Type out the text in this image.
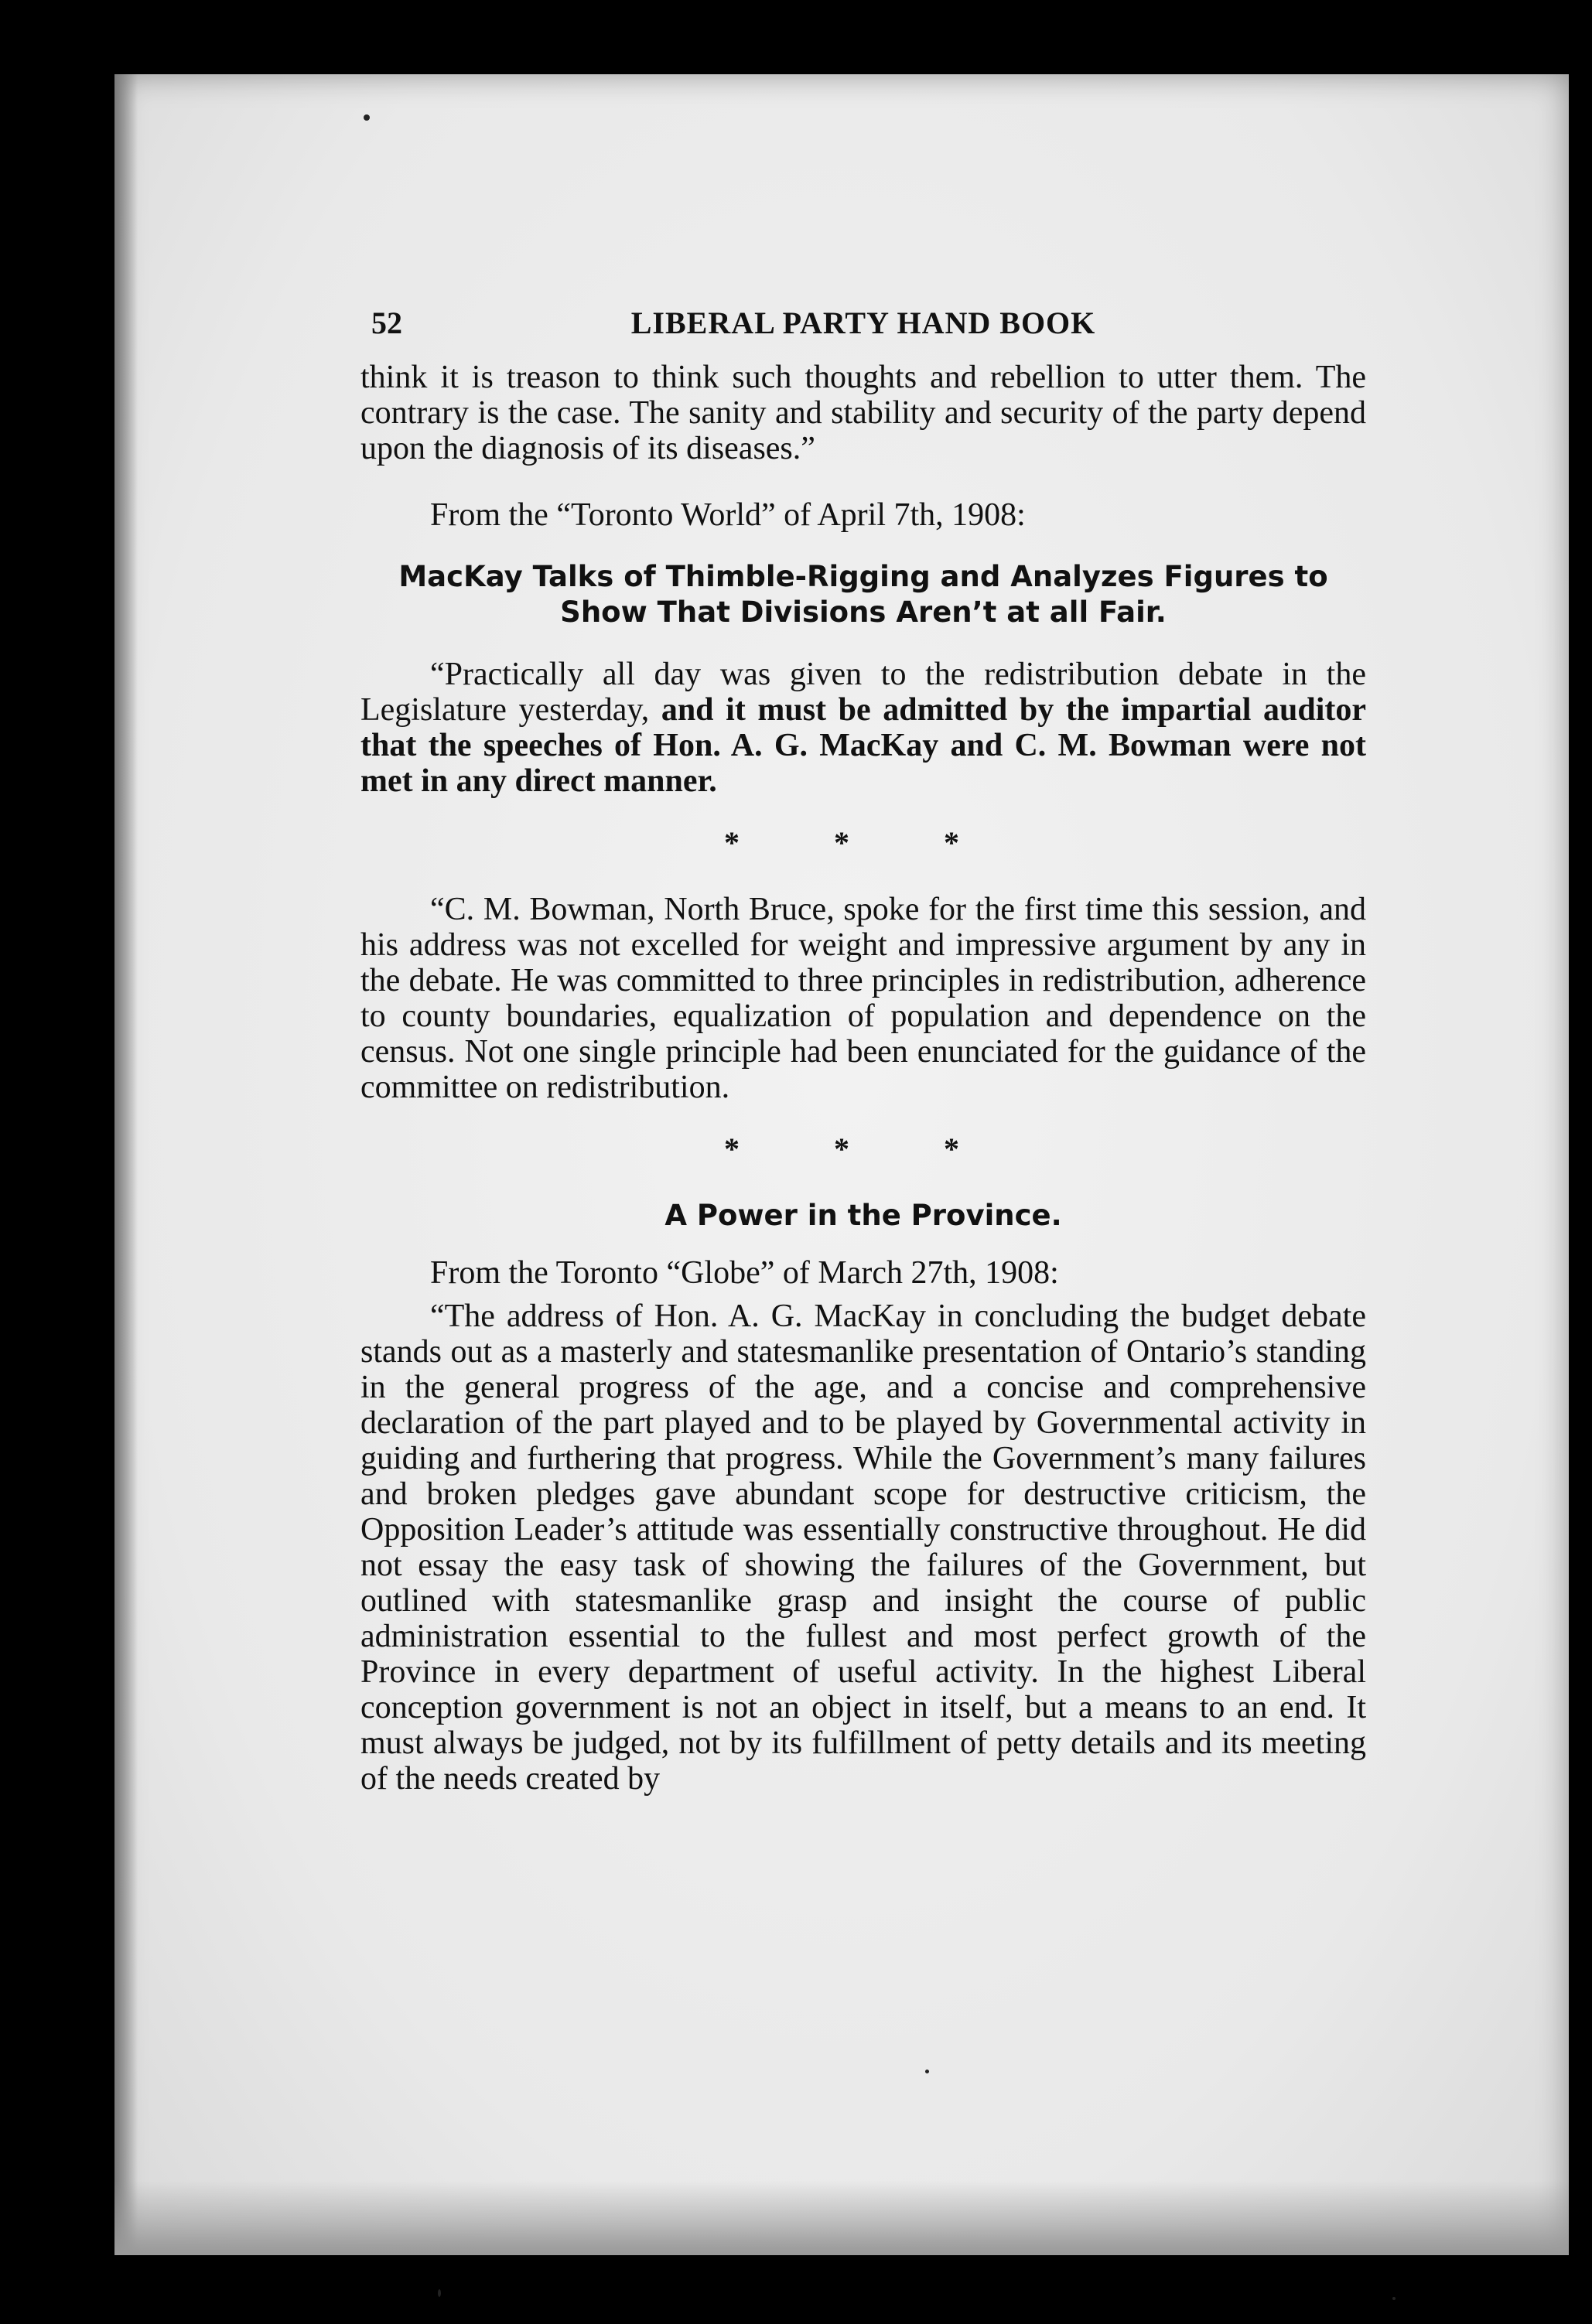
52	LIBERAL PARTY HAND BOOK

think it is treason to think such thoughts and rebellion to utter them. The contrary is the case. The sanity and stability and security of the party depend upon the diagnosis of its diseases.”

From the “Toronto World” of April 7th, 1908:

MacKay Talks of Thimble-Rigging and Analyzes Figures to Show That Divisions Aren’t at all Fair.

“Practically all day was given to the redistribution debate in the Legislature yesterday, and it must be admitted by the impartial auditor that the speeches of Hon. A. G. MacKay and C. M. Bowman were not met in any direct manner.

* * *

“C. M. Bowman, North Bruce, spoke for the first time this session, and his address was not excelled for weight and impressive argument by any in the debate. He was committed to three principles in redistribution, adherence to county boundaries, equalization of population and dependence on the census. Not one single principle had been enunciated for the guidance of the committee on redistribution.

* * *

A Power in the Province.

From the Toronto “Globe” of March 27th, 1908:

“The address of Hon. A. G. MacKay in concluding the budget debate stands out as a masterly and statesmanlike presentation of Ontario’s standing in the general progress of the age, and a concise and comprehensive declaration of the part played and to be played by Governmental activity in guiding and furthering that progress. While the Government’s many failures and broken pledges gave abundant scope for destructive criticism, the Opposition Leader’s attitude was essentially constructive throughout. He did not essay the easy task of showing the failures of the Government, but outlined with statesmanlike grasp and insight the course of public administration essential to the fullest and most perfect growth of the Province in every department of useful activity. In the highest Liberal conception government is not an object in itself, but a means to an end. It must always be judged, not by its fulfillment of petty details and its meeting of the needs created by
